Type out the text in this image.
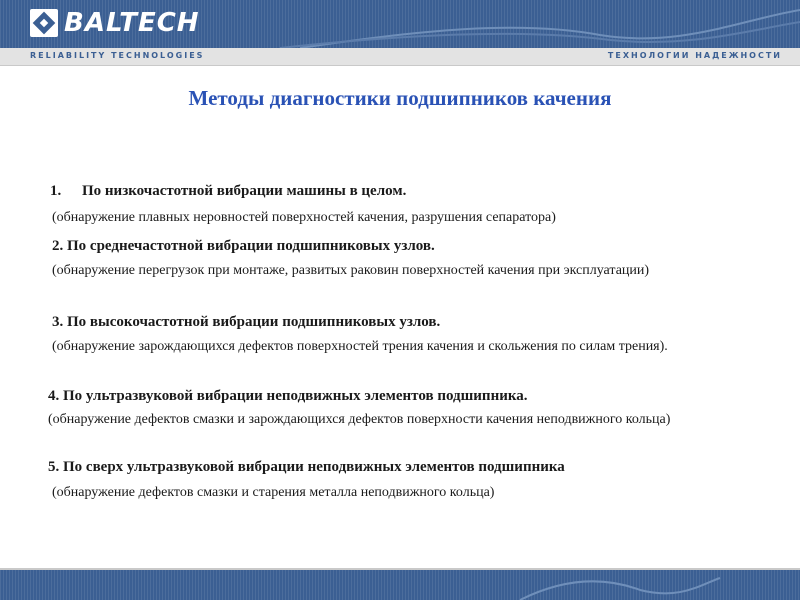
BALTECH
RELIABILITY TECHNOLOGIES	ТЕХНОЛОГИИ НАДЕЖНОСТИ
Методы диагностики подшипников качения
1. По низкочастотной вибрации машины в целом.
(обнаружение плавных неровностей поверхностей качения, разрушения сепаратора)
2. По среднечастотной вибрации подшипниковых узлов.
(обнаружение перегрузок при монтаже, развитых раковин поверхностей качения при эксплуатации)
3. По высокочастотной вибрации подшипниковых узлов.
(обнаружение зарождающихся дефектов поверхностей трения качения и скольжения по силам трения).
4. По ультразвуковой вибрации неподвижных элементов подшипника.
(обнаружение дефектов смазки и зарождающихся дефектов поверхности качения неподвижного кольца)
5. По сверх ультразвуковой вибрации неподвижных элементов подшипника
(обнаружение дефектов смазки и старения металла неподвижного кольца)
